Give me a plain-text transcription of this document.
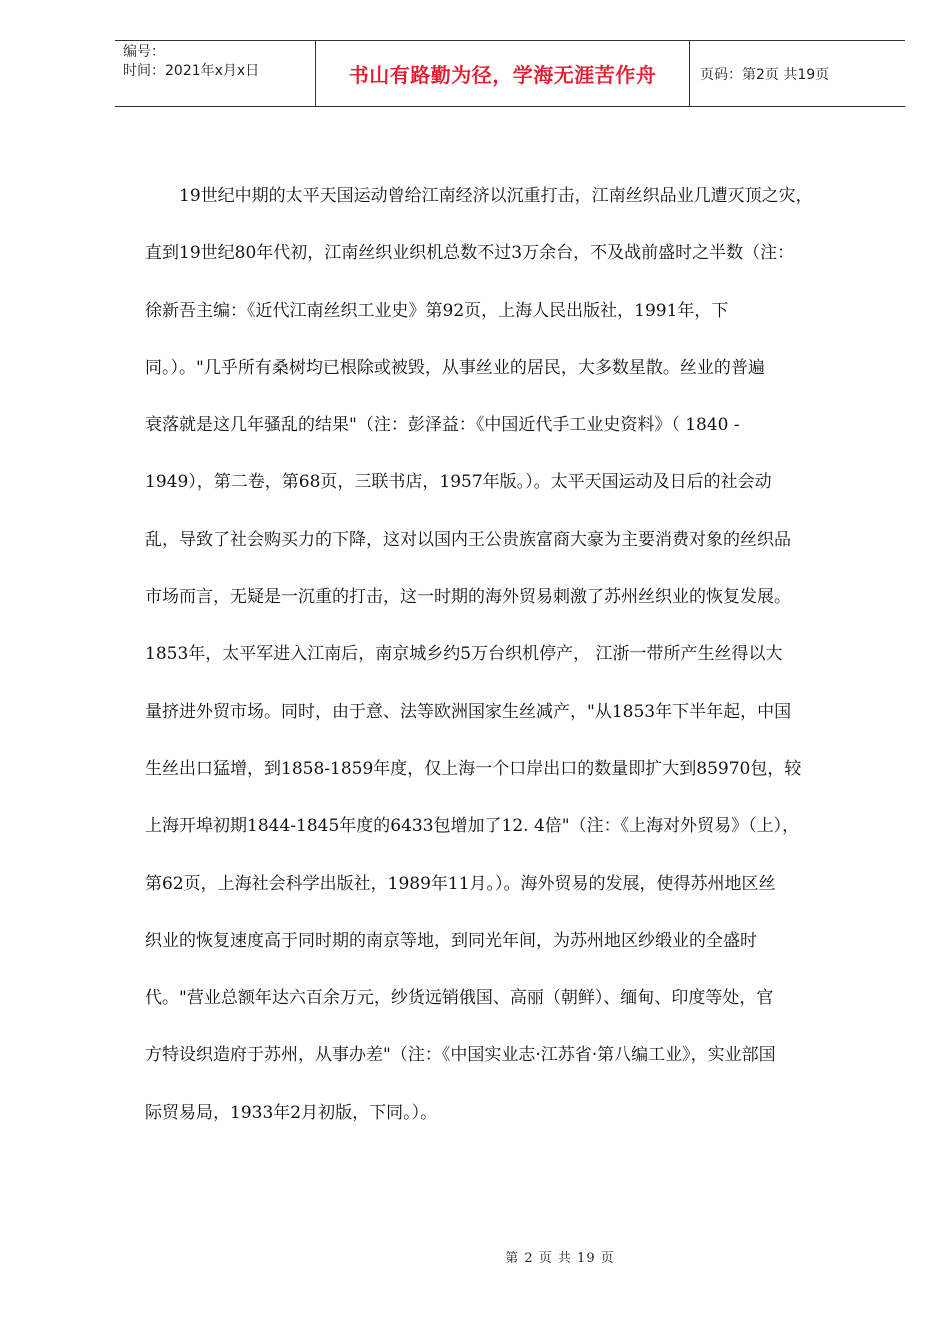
编号：
时间：2021年x月x日	书山有路勤为径，学海无涯苦作舟	页码：第2页 共19页
19世纪中期的太平天国运动曾给江南经济以沉重打击，江南丝织品业几遭灭顶之灾，
直到19世纪80年代初，江南丝织业织机总数不过3万余台，不及战前盛时之半数（注：
徐新吾主编：《近代江南丝织工业史》第92页，上海人民出版社，1991年，下
同。）。"几乎所有桑树均已根除或被毁，从事丝业的居民，大多数星散。丝业的普遍
衰落就是这几年骚乱的结果"（注：彭泽益：《中国近代手工业史资料》（ 1840 -
1949），第二卷，第68页，三联书店，1957年版。）。太平天国运动及日后的社会动
乱，导致了社会购买力的下降，这对以国内王公贵族富商大豪为主要消费对象的丝织品
市场而言，无疑是一沉重的打击，这一时期的海外贸易刺激了苏州丝织业的恢复发展。
1853年，太平军进入江南后，南京城乡约5万台织机停产， 江浙一带所产生丝得以大
量挤进外贸市场。同时，由于意、法等欧洲国家生丝减产，"从1853年下半年起，中国
生丝出口猛增，到1858-1859年度，仅上海一个口岸出口的数量即扩大到85970包，较
上海开埠初期1844-1845年度的6433包增加了12. 4倍"（注：《上海对外贸易》（上），
第62页，上海社会科学出版社，1989年11月。）。海外贸易的发展，使得苏州地区丝
织业的恢复速度高于同时期的南京等地，到同光年间，为苏州地区纱缎业的全盛时
代。"营业总额年达六百余万元，纱货远销俄国、高丽（朝鲜）、缅甸、印度等处，官
方特设织造府于苏州，从事办差"（注：《中国实业志·江苏省·第八编工业》，实业部国
际贸易局，1933年2月初版，下同。）。
第 2 页 共 19 页
